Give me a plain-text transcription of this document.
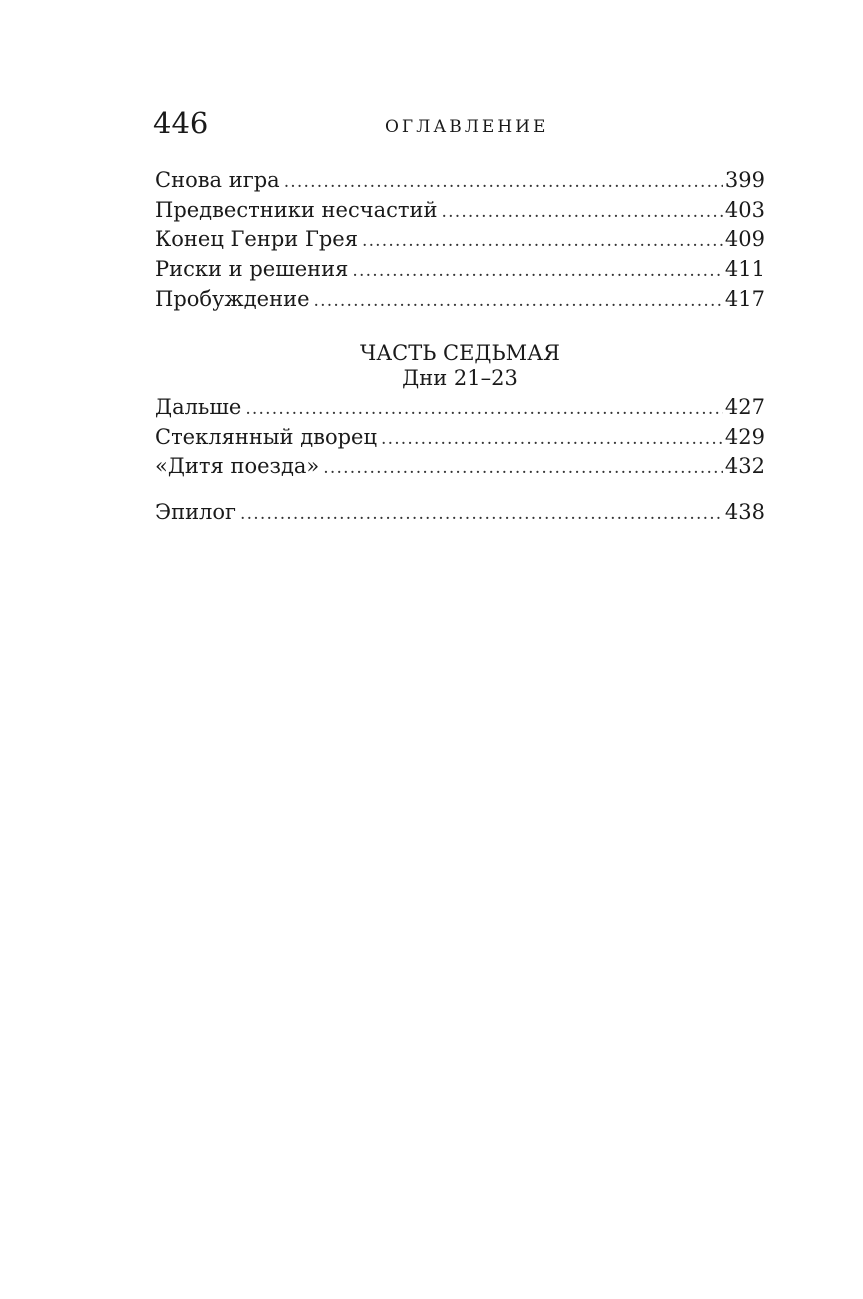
446	ОГЛАВЛЕНИЕ
Снова игра . . .	399
Предвестники несчастий . . .	403
Конец Генри Грея . . .	409
Риски и решения . . .	411
Пробуждение . . .	417
ЧАСТЬ СЕДЬМАЯ
Дни 21–23
Дальше . . .	427
Стеклянный дворец . . .	429
«Дитя поезда» . . .	432
Эпилог . . .	438
